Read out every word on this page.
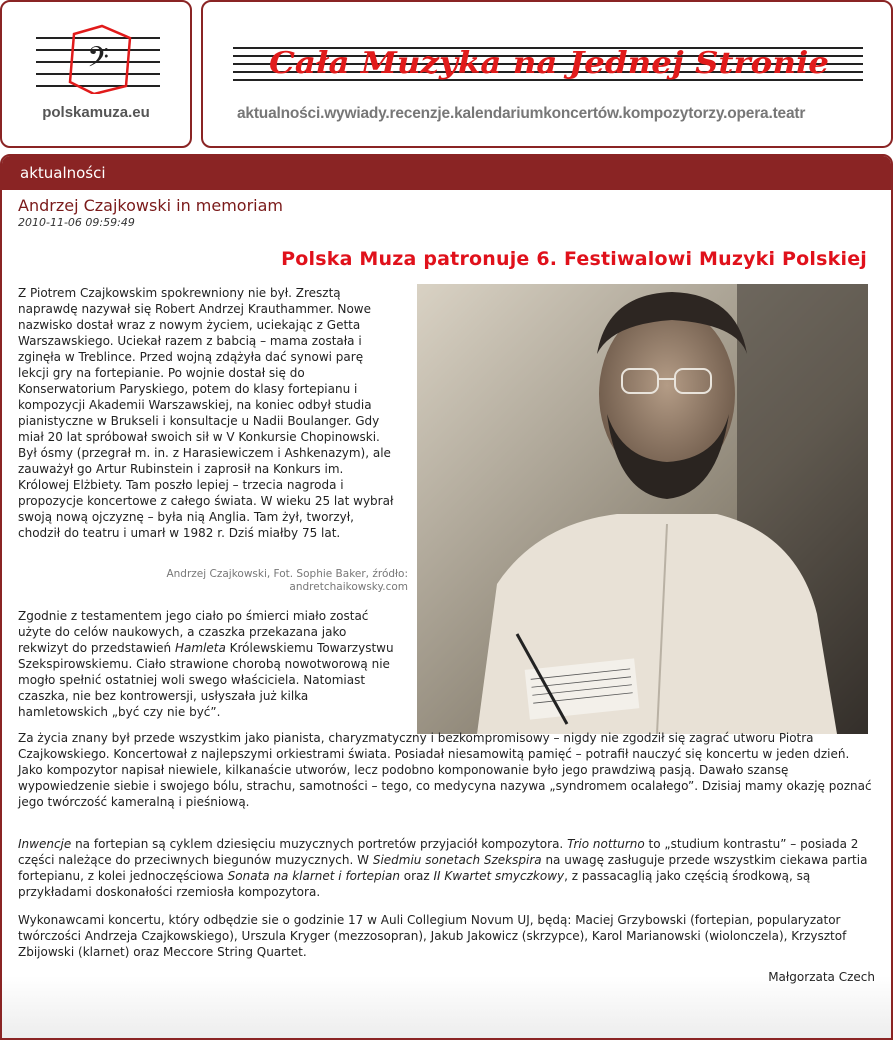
𝄢
polskamuza.eu
Cała Muzyka na Jednej Stronie
aktualności.wywiady.recenzje.kalendariumkoncertów.kompozytorzy.opera.teatr
aktualności
Andrzej Czajkowski in memoriam
2010-11-06 09:59:49
Polska Muza patronuje 6. Festiwalowi Muzyki Polskiej

Z Piotrem Czajkowskim spokrewniony nie był. Zresztą naprawdę nazywał się Robert Andrzej Krauthammer. Nowe nazwisko dostał wraz z nowym życiem, uciekając z Getta Warszawskiego. Uciekał razem z babcią – mama została i zginęła w Treblince. Przed wojną zdążyła dać synowi parę lekcji gry na fortepianie. Po wojnie dostał się do Konserwatorium Paryskiego, potem do klasy fortepianu i kompozycji Akademii Warszawskiej, na koniec odbył studia pianistyczne w Brukseli i konsultacje u Nadii Boulanger. Gdy miał 20 lat spróbował swoich sił w V Konkursie Chopinowski. Był ósmy (przegrał m. in. z Harasiewiczem i Ashkenazym), ale zauważył go Artur Rubinstein i zaprosił na Konkurs im. Królowej Elżbiety. Tam poszło lepiej – trzecia nagroda i propozycje koncertowe z całego świata. W wieku 25 lat wybrał swoją nową ojczyznę – była nią Anglia. Tam żył, tworzył, chodził do teatru i umarł w 1982 r. Dziś miałby 75 lat.

Andrzej Czajkowski, Fot. Sophie Baker, źródło: andretchaikowsky.com

Zgodnie z testamentem jego ciało po śmierci miało zostać użyte do celów naukowych, a czaszka przekazana jako rekwizyt do przedstawień Hamleta Królewskiemu Towarzystwu Szekspirowskiemu. Ciało strawione chorobą nowotworową nie mogło spełnić ostatniej woli swego właściciela. Natomiast czaszka, nie bez kontrowersji, usłyszała już kilka hamletowskich „być czy nie być”.

Za życia znany był przede wszystkim jako pianista, charyzmatyczny i bezkompromisowy – nigdy nie zgodził się zagrać utworu Piotra Czajkowskiego. Koncertował z najlepszymi orkiestrami świata. Posiadał niesamowitą pamięć – potrafił nauczyć się koncertu w jeden dzień. Jako kompozytor napisał niewiele, kilkanaście utworów, lecz podobno komponowanie było jego prawdziwą pasją. Dawało szansę wypowiedzenie siebie i swojego bólu, strachu, samotności – tego, co medycyna nazywa „syndromem ocalałego”. Dzisiaj mamy okazję poznać jego twórczość kameralną i pieśniową.

Inwencje na fortepian są cyklem dziesięciu muzycznych portretów przyjaciół kompozytora. Trio notturno to „studium kontrastu” – posiada 2 części należące do przeciwnych biegunów muzycznych. W Siedmiu sonetach Szekspira na uwagę zasługuje przede wszystkim ciekawa partia fortepianu, z kolei jednoczęściowa Sonata na klarnet i fortepian oraz II Kwartet smyczkowy, z passacaglią jako częścią środkową, są przykładami doskonałości rzemiosła kompozytora.

Wykonawcami koncertu, który odbędzie sie o godzinie 17 w Auli Collegium Novum UJ, będą: Maciej Grzybowski (fortepian, popularyzator twórczości Andrzeja Czajkowskiego), Urszula Kryger (mezzosopran), Jakub Jakowicz (skrzypce), Karol Marianowski (wiolonczela), Krzysztof Zbijowski (klarnet) oraz Meccore String Quartet.

Małgorzata Czech
